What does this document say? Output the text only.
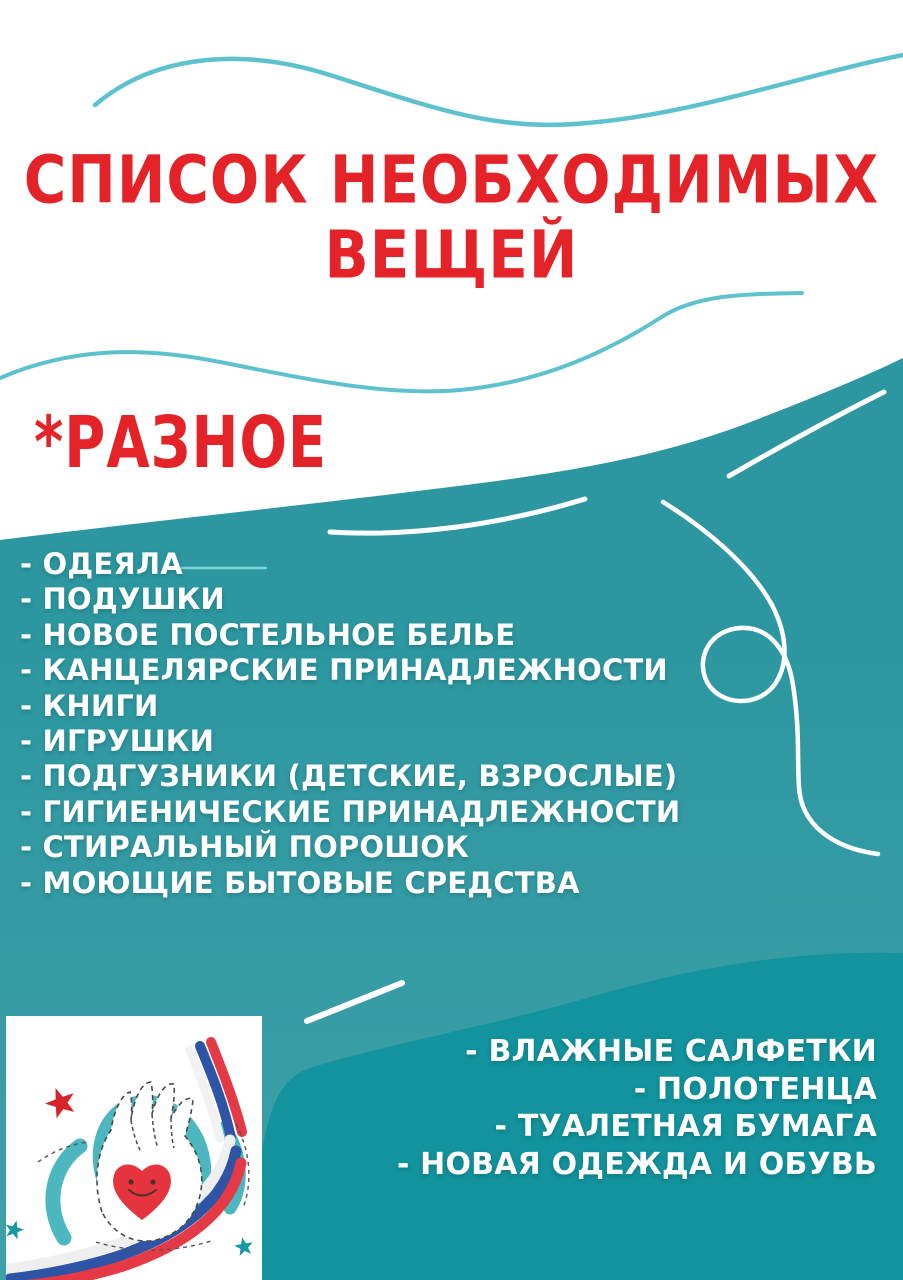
СПИСОК НЕОБХОДИМЫХ
ВЕЩЕЙ
*РАЗНОЕ
- ОДЕЯЛА
- ПОДУШКИ
- НОВОЕ ПОСТЕЛЬНОЕ БЕЛЬЕ
- КАНЦЕЛЯРСКИЕ ПРИНАДЛЕЖНОСТИ
- КНИГИ
- ИГРУШКИ
- ПОДГУЗНИКИ (ДЕТСКИЕ, ВЗРОСЛЫЕ)
- ГИГИЕНИЧЕСКИЕ ПРИНАДЛЕЖНОСТИ
- СТИРАЛЬНЫЙ ПОРОШОК
- МОЮЩИЕ БЫТОВЫЕ СРЕДСТВА
- ВЛАЖНЫЕ САЛФЕТКИ
- ПОЛОТЕНЦА
- ТУАЛЕТНАЯ БУМАГА
- НОВАЯ ОДЕЖДА И ОБУВЬ
